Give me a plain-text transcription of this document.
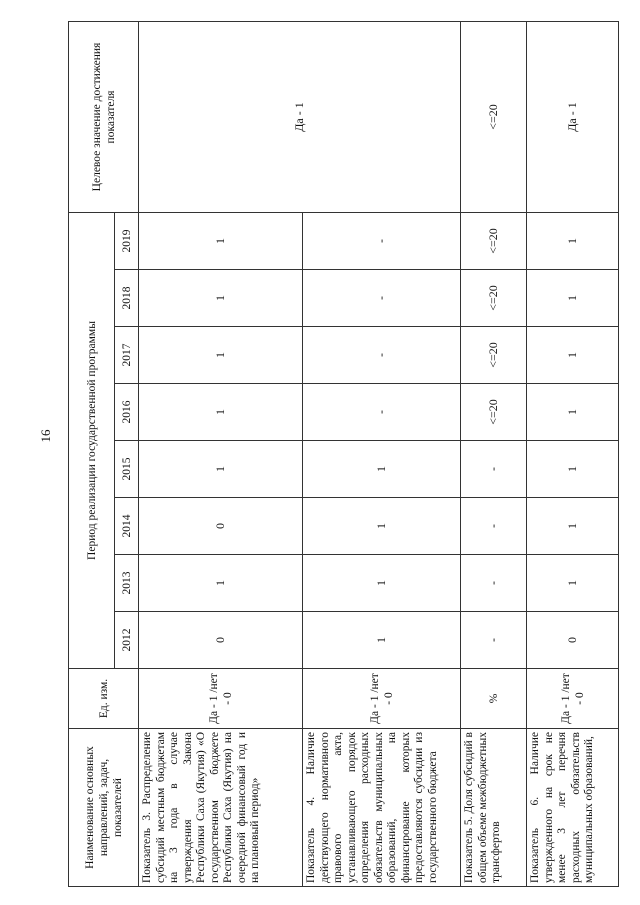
16
Наименование основных направлений, задач, показателей	Ед. изм.	Период реализации государственной программы								Целевое значение достижения показателя
		2012	2013	2014	2015	2016	2017	2018	2019	
Показатель 3. Распределение субсидий местным бюджетам на 3 года в случае утверждения Закона Республики Саха (Якутия) «О государственном бюджете Республики Саха (Якутия) на очередной финансовый год и на плановый период»	Да - 1 /нет - 0	0	1	0	1	1	1	1	1	Да - 1
Показатель 4. Наличие действующего нормативного правового акта, устанавливающего порядок определения расходных обязательств муниципальных образований, на финансирование которых предоставляются субсидии из государственного бюджета	Да - 1 /нет - 0	1	1	1	1	-	-	-	-	
Показатель 5. Доля субсидий в общем объеме межбюджетных трансфертов	%	-	-	-	-	<=20	<=20	<=20	<=20	<=20
Показатель 6. Наличие утвержденного на срок не менее 3 лет перечня расходных обязательств муниципальных образований,	Да - 1 /нет - 0	0	1	1	1	1	1	1	1	Да - 1
